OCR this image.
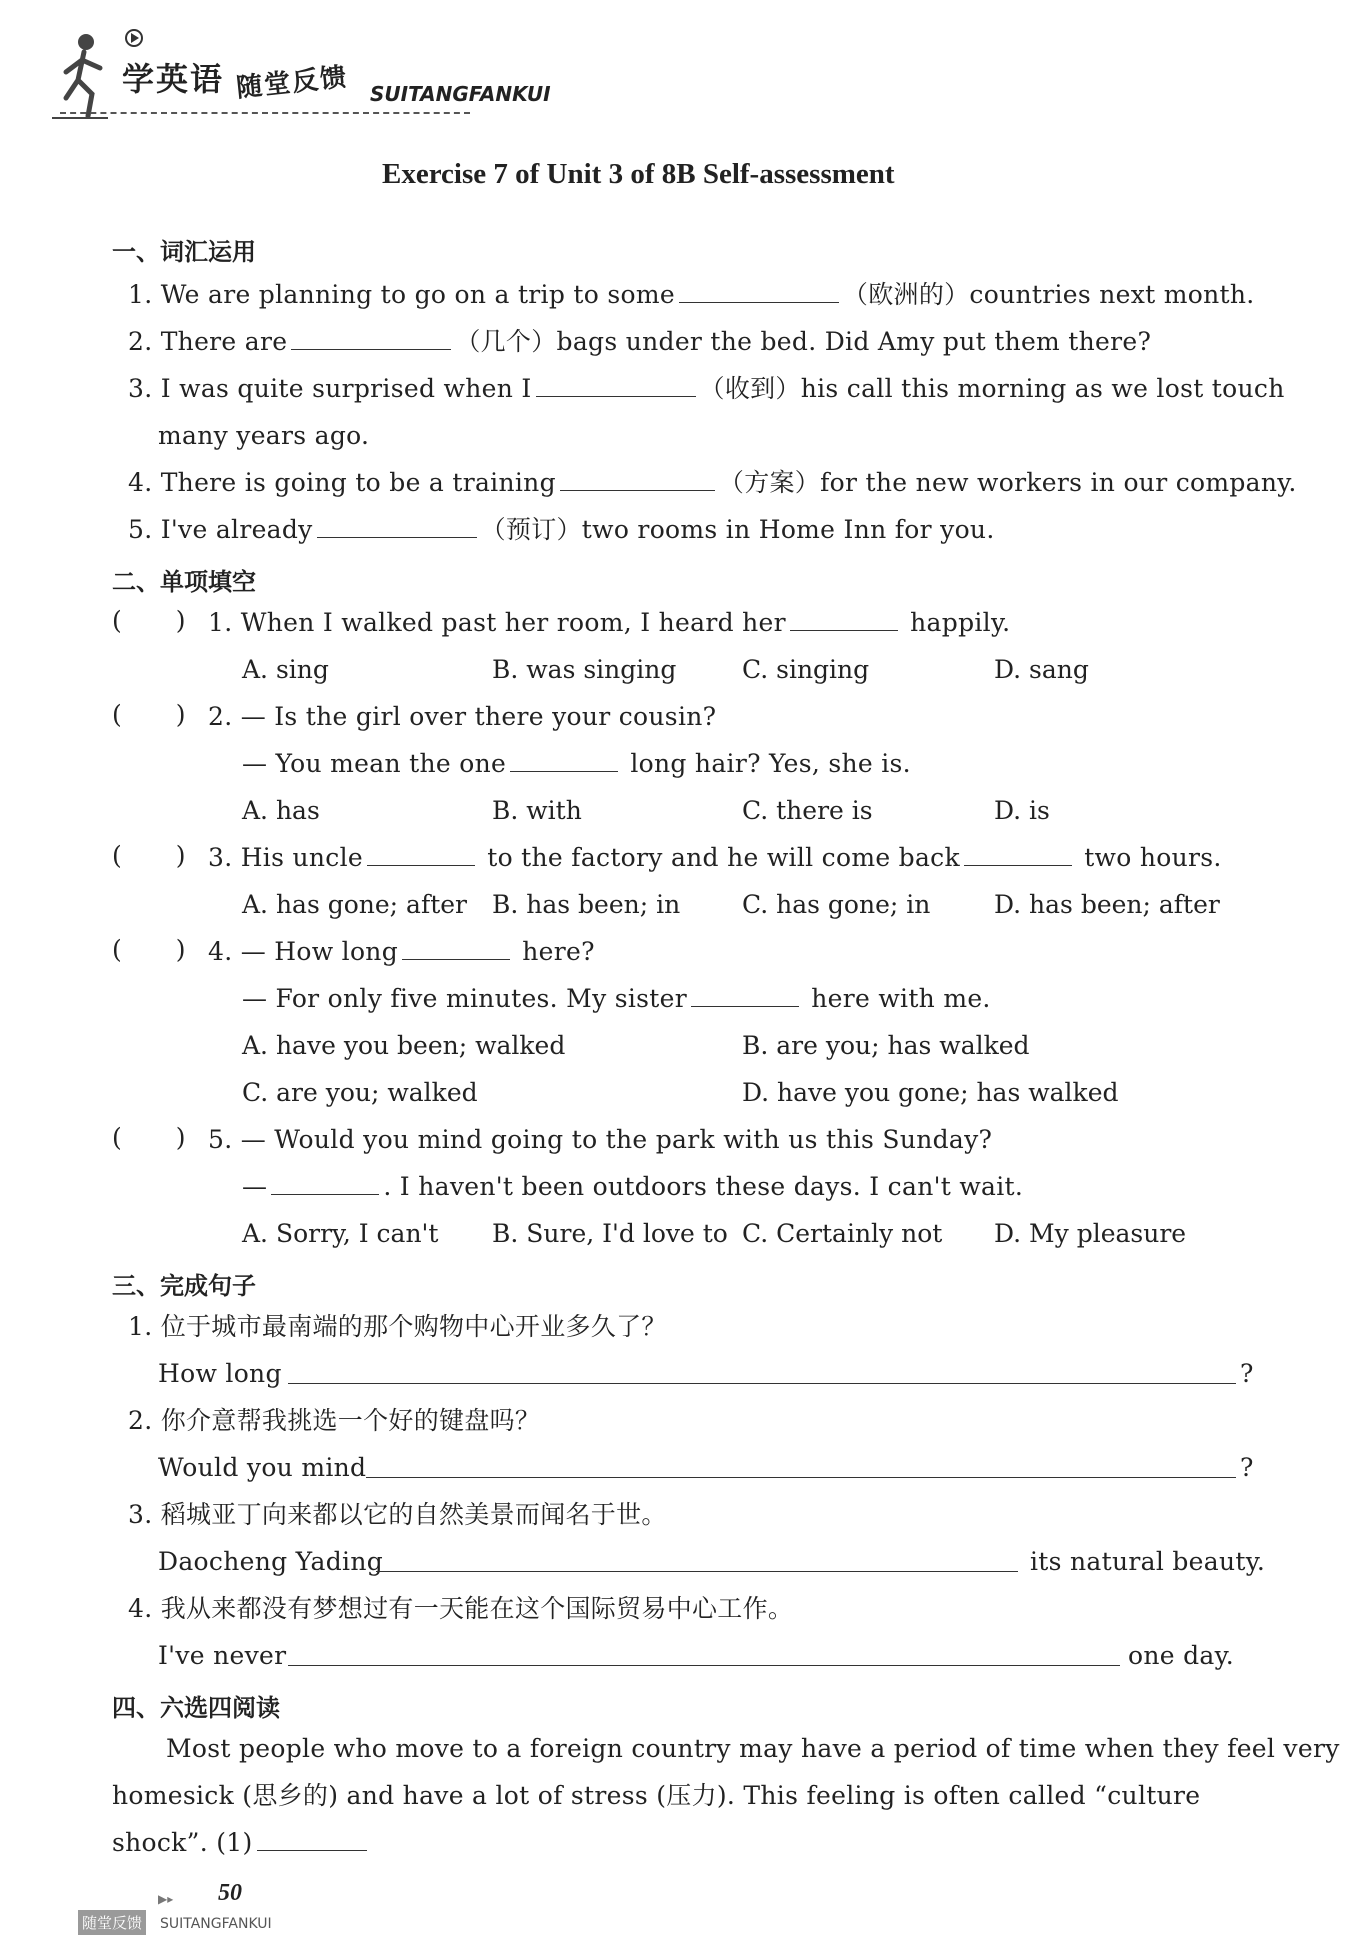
学英语 随堂反馈 SUITANGFANKUI
Exercise 7 of Unit 3 of 8B Self-assessment
一、词汇运用
1. We are planning to go on a trip to some	（欧洲的）countries next month.
2. There are	（几个）bags under the bed. Did Amy put them there?
3. I was quite surprised when I	（收到）his call this morning as we lost touch
many years ago.
4. There is going to be a training	（方案）for the new workers in our company.
5. I've already	（预订）two rooms in Home Inn for you.
二、单项填空
( ) 1. When I walked past her room, I heard her	happily.
A. sing	B. was singing	C. singing	D. sang
( ) 2. — Is the girl over there your cousin?
— You mean the one	long hair? Yes, she is.
A. has	B. with	C. there is	D. is
( ) 3. His uncle	to the factory and he will come back	two hours.
A. has gone; after B. has been; in C. has gone; in	D. has been; after
( ) 4. — How long	here?
— For only five minutes. My sister	here with me.
A. have you been; walked	B. are you; has walked
C. are you; walked	D. have you gone; has walked
( ) 5. — Would you mind going to the park with us this Sunday?
—	. I haven't been outdoors these days. I can't wait.
A. Sorry, I can't B. Sure, I'd love to C. Certainly not D. My pleasure
三、完成句子
1. 位于城市最南端的那个购物中心开业多久了？
How long	?
2. 你介意帮我挑选一个好的键盘吗？
Would you mind	?
3. 稻城亚丁向来都以它的自然美景而闻名于世。
Daocheng Yading	its natural beauty.
4. 我从来都没有梦想过有一天能在这个国际贸易中心工作。
I've never	one day.
四、六选四阅读
Most people who move to a foreign country may have a period of time when they feel very
homesick (思乡的) and have a lot of stress (压力). This feeling is often called “culture
shock”. (1)
▶▸ 50
随堂反馈 SUITANGFANKUI
